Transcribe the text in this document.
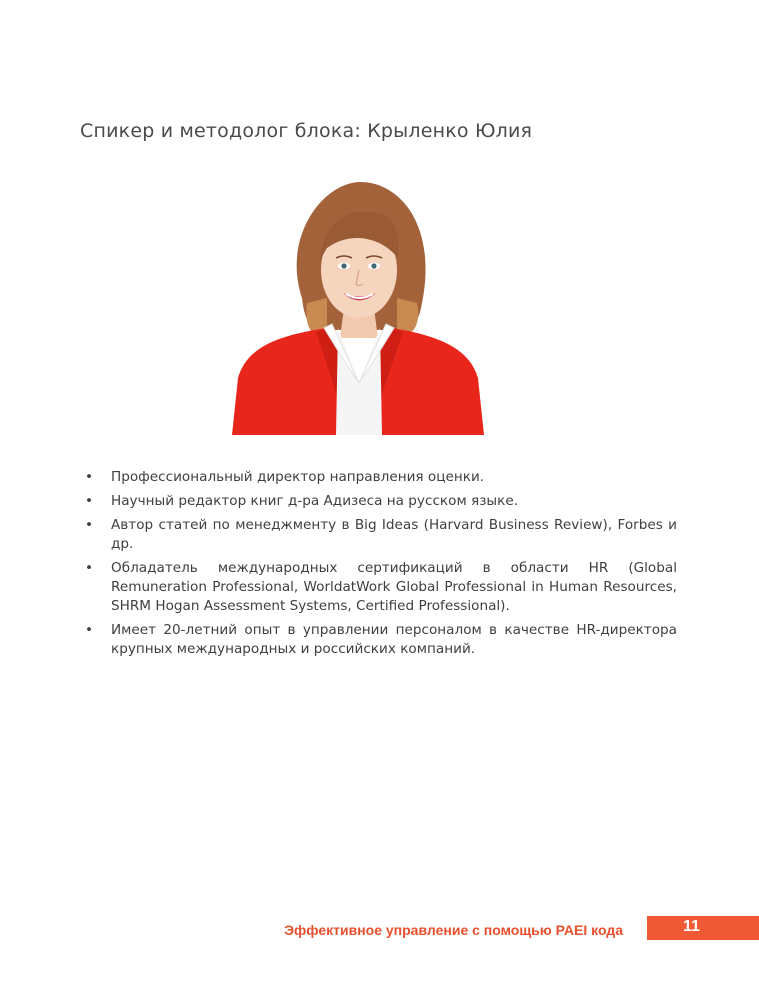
Спикер и методолог блока: Крыленко Юлия
• Профессиональный директор направления оценки.
• Научный редактор книг д-ра Адизеса на русском языке.
• Автор статей по менеджменту в Big Ideas (Harvard Business Review), Forbes и др.
• Обладатель международных сертификаций в области HR (Global Remuneration Professional, WorldatWork Global Professional in Human Resources, SHRM Hogan Assessment Systems, Certified Professional).
• Имеет 20-летний опыт в управлении персоналом в качестве HR-директора крупных международных и российских компаний.
Эффективное управление с помощью PAEI кода	11
